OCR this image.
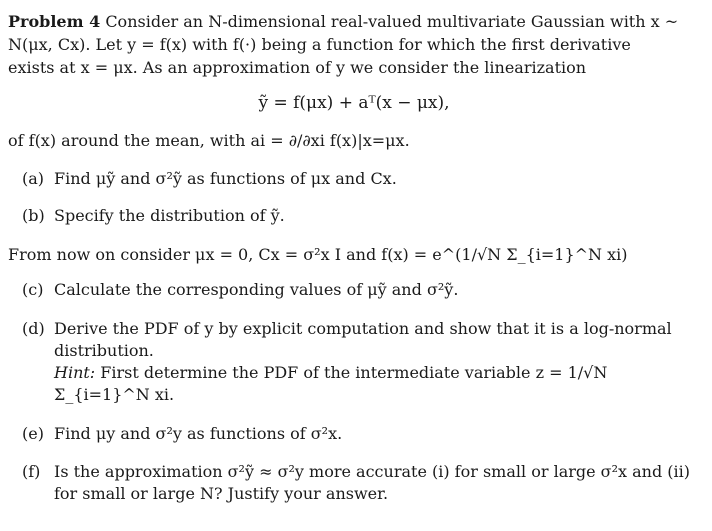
Problem 4 Consider an N-dimensional real-valued multivariate Gaussian with x ~
N(μx, Cx). Let y = f(x) with f(·) being a function for which the first derivative
exists at x = μx. As an approximation of y we consider the linearization

ỹ = f(μx) + aᵀ(x − μx),

of f(x) around the mean, with ai = ∂/∂xi f(x)|x=μx.

(a) Find μỹ and σ²ỹ as functions of μx and Cx.
(b) Specify the distribution of ỹ.

From now on consider μx = 0, Cx = σ²x I and f(x) = e^(1/√N Σ_{i=1}^N xi)

(c) Calculate the corresponding values of μỹ and σ²ỹ.
(d) Derive the PDF of y by explicit computation and show that it is a log-normal
distribution.
Hint: First determine the PDF of the intermediate variable z = 1/√N Σ_{i=1}^N xi.
(e) Find μy and σ²y as functions of σ²x.
(f) Is the approximation σ²ỹ ≈ σ²y more accurate (i) for small or large σ²x and (ii)
for small or large N? Justify your answer.
